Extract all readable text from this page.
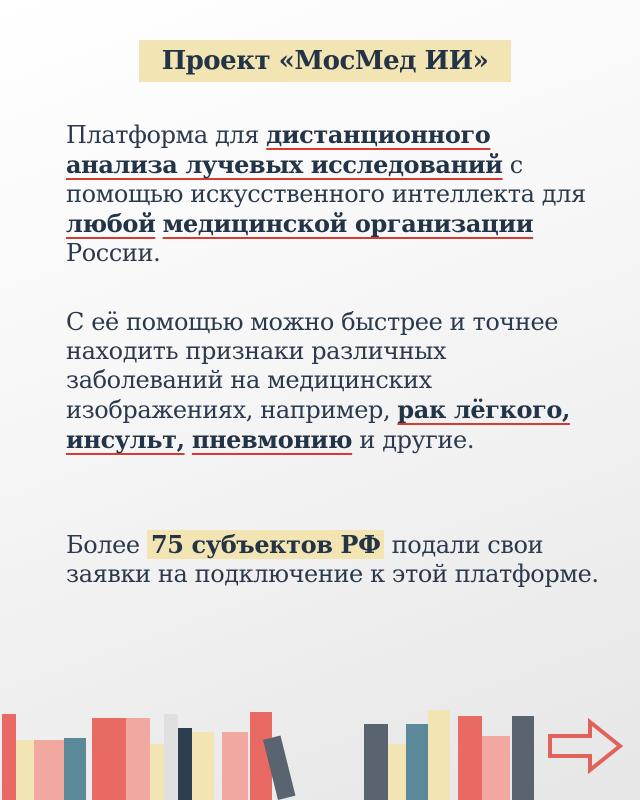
Проект «МосМед ИИ»
Платформа для дистанционного
анализа лучевых исследований с помощью искусственного интеллекта для любой медицинской организации России.
С её помощью можно быстрее и точнее находить признаки различных заболеваний на медицинских изображениях, например, рак лёгкого, инсульт, пневмонию и другие.
Более 75 субъектов РФ подали свои заявки на подключение к этой платформе.
